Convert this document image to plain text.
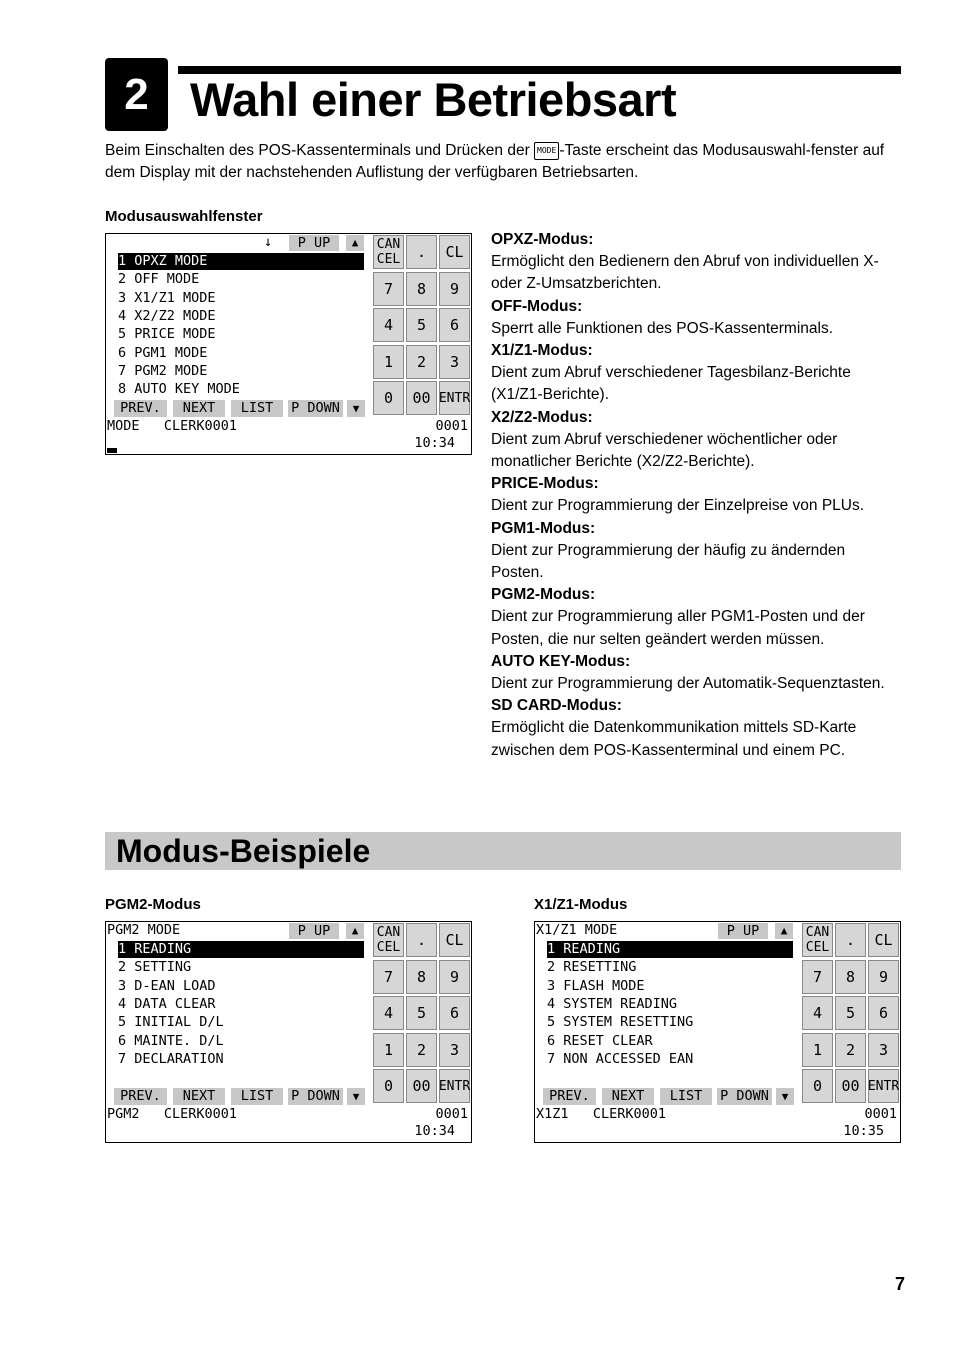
2 Wahl einer Betriebsart
Beim Einschalten des POS-Kassenterminals und Drücken der MODE -Taste erscheint das Modusauswahl-fenster auf dem Display mit der nachstehenden Auflistung der verfügbaren Betriebsarten.
Modusauswahlfenster
↓	P UP	▲
1 OPXZ MODE
2 OFF MODE
3 X1/Z1 MODE
4 X2/Z2 MODE
5 PRICE MODE
6 PGM1 MODE
7 PGM2 MODE
8 AUTO KEY MODE
PREV.	NEXT	LIST	P DOWN	▼
MODE   CLERK0001	0001
10:34
CAN
CEL	.	CL
7	8	9
4	5	6
1	2	3
0	00 ENTR
OPXZ-Modus:
Ermöglicht den Bedienern den Abruf von individuellen X- oder Z-Umsatzberichten.
OFF-Modus:
Sperrt alle Funktionen des POS-Kassenterminals.
X1/Z1-Modus:
Dient zum Abruf verschiedener Tagesbilanz-Berichte (X1/Z1-Berichte).
X2/Z2-Modus:
Dient zum Abruf verschiedener wöchentlicher oder monatlicher Berichte (X2/Z2-Berichte).
PRICE-Modus:
Dient zur Programmierung der Einzelpreise von PLUs.
PGM1-Modus:
Dient zur Programmierung der häufig zu ändernden Posten.
PGM2-Modus:
Dient zur Programmierung aller PGM1-Posten und der Posten, die nur selten geändert werden müssen.
AUTO KEY-Modus:
Dient zur Programmierung der Automatik-Sequenztasten.
SD CARD-Modus:
Ermöglicht die Datenkommunikation mittels SD-Karte zwischen dem POS-Kassenterminal und einem PC.
Modus-Beispiele
PGM2-Modus
PGM2 MODE	P UP	▲
1 READING
2 SETTING
3 D-EAN LOAD
4 DATA CLEAR
5 INITIAL D/L
6 MAINTE. D/L
7 DECLARATION
PREV.	NEXT	LIST	P DOWN	▼
PGM2   CLERK0001	0001
10:34
CAN
CEL	.	CL
7	8	9
4	5	6
1	2	3
0	00 ENTR
X1/Z1-Modus
X1/Z1 MODE	P UP	▲
1 READING
2 RESETTING
3 FLASH MODE
4 SYSTEM READING
5 SYSTEM RESETTING
6 RESET CLEAR
7 NON ACCESSED EAN
PREV.	NEXT	LIST	P DOWN	▼
X1Z1   CLERK0001	0001
10:35
CAN
CEL	.	CL
7	8	9
4	5	6
1	2	3
0	00 ENTR
7
